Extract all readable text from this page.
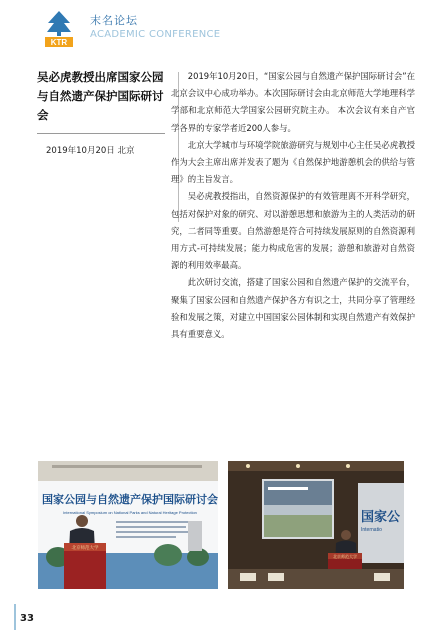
KTR
末名论坛
ACADEMIC CONFERENCE
吴必虎教授出席国家公园与自然遗产保护国际研讨会
2019年10月20日 北京

2019年10月20日，“国家公园与自然遗产保护国际研讨会”在北京会议中心成功举办。本次国际研讨会由北京师范大学地理科学学部和北京师范大学国家公园研究院主办。 本次会议有来自产官学各界的专家学者近200人参与。

北京大学城市与环境学院旅游研究与规划中心主任吴必虎教授作为大会主席出席并发表了题为《自然保护地游憩机会的供给与管理》的主旨发言。

吴必虎教授指出，自然资源保护的有效管理离不开科学研究，包括对保护对象的研究、对以游憩思想和旅游为主的人类活动的研究，二者同等重要。自然游憩是符合可持续发展原则的自然资源利用方式-可持续发展；能力构成危害的发展；游憩和旅游对自然资源的利用效率最高。

此次研讨交流，搭建了国家公园和自然遗产保护的交流平台，聚集了国家公园和自然遗产保护各方有识之士，共同分享了管理经验和发展之策，对建立中国国家公园体制和实现自然遗产有效保护具有重要意义。

国家公园与自然遗产保护国际研讨会
International Symposium on National Parks and Natural Heritage Protection
北京师范大学
国家公
Internatio
北京师范大学
33
